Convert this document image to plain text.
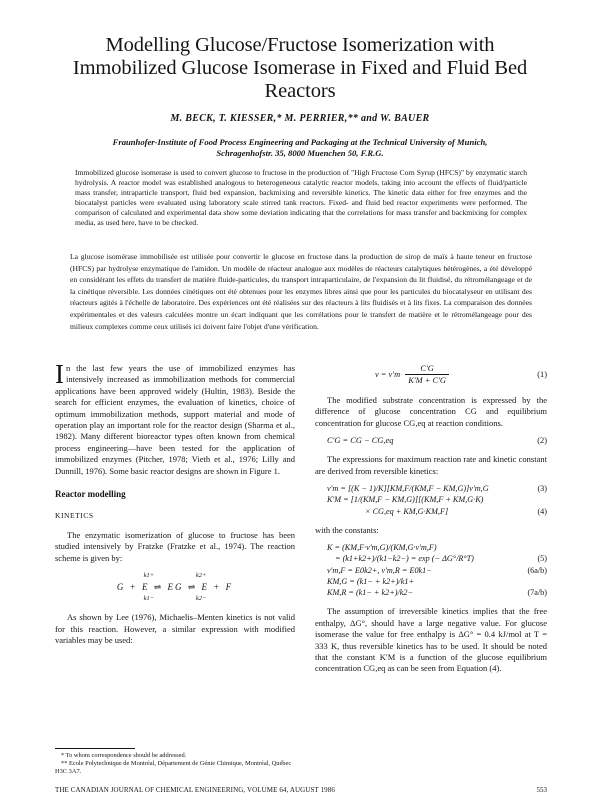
Modelling Glucose/Fructose Isomerization with Immobilized Glucose Isomerase in Fixed and Fluid Bed Reactors
M. BECK, T. KIESSER,* M. PERRIER,** and W. BAUER
Fraunhofer-Institute of Food Process Engineering and Packaging at the Technical University of Munich,
Schragenhofstr. 35, 8000 Muenchen 50, F.R.G.
Immobilized glucose isomerase is used to convert glucose to fructose in the production of "High Fructose Corn Syrup (HFCS)" by enzymatic starch hydrolysis. A reactor model was established analogous to heterogeneous catalytic reactor models, taking into account the effects of fluid/particle mass transfer, intraparticle transport, fluid bed expansion, backmixing and reversible kinetics. The kinetic data either for free enzymes and the biocatalyst particles were evaluated using laboratory scale stirred tank reactors. Fixed- and fluid bed reactor experiments were performed. The comparison of calculated and experimental data show some deviation indicating that the correlations for mass transfer and backmixing for complex media, as used here, have to be checked.
La glucose isomérase immobilisée est utilisée pour convertir le glucose en fructose dans la production de sirop de maïs à haute teneur en fructose (HFCS) par hydrolyse enzymatique de l'amidon. Un modèle de réacteur analogue aux modèles de réacteurs catalytiques hétérogènes, a été développé en considérant les effets du transfert de matière fluide-particules, du transport intraparticulaire, de l'expansion du lit fluidisé, du rétromélangeage et de la cinétique réversible. Les données cinétiques ont été obtenues pour les enzymes libres ainsi que pour les particules du biocatalyseur en utilisant des réacteurs agités à l'échelle de laboratoire. Des expériences ont été réalisées sur des réacteurs à lits fluidisés et à lits fixes. La comparaison des données expérimentales et des valeurs calculées montre un écart indiquant que les corrélations pour le transfert de matière et le rétromélangeage pour des milieux complexes comme ceux utilisés ici doivent faire l'objet d'une vérification.

In the last few years the use of immobilized enzymes has intensively increased as immobilization methods for commercial applications have been approved widely (Hultin, 1983). Beside the search for efficient enzymes, the evaluation of kinetics, choice of optimum immobilization methods, support material and mode of operation play an important role for the reactor design (Sharma et al., 1982). Many different bioreactor types often known from chemical process engineering—have been tested for the application of immobilized enzymes (Pitcher, 1978; Vieth et al., 1976; Lilly and Dunnill, 1976). Some basic reactor designs are shown in Figure 1.

Reactor modelling

KINETICS

The enzymatic isomerization of glucose to fructose has been studied intensively by Fratzke (Fratzke et al., 1974). The reaction scheme is given by:

k1+	k2+
G + E ⇌ EG ⇌ E + F
k1−	k2−

As shown by Lee (1976), Michaelis–Menten kinetics is not valid for this reaction. However, a similar expression with modified variables may be used:

$v = v'm \frac{C'G}{K'M + C'G}$	(1)

The modified substrate concentration is expressed by the difference of glucose concentration CG and equilibrium concentration for glucose CG,eq at reaction conditions.

C′G = CG − CG,eq	(2)

The expressions for maximum reaction rate and kinetic constant are derived from reversible kinetics:

v′m = [(K − 1)/K][KM,F/(KM,F − KM,G)]v′m,G	(3)
K′M = [1/(KM,F − KM,G)][(KM,F + KM,G·K)
× CG,eq + KM,G·KM,F]	(4)

with the constants:

K = (KM,F·v′m,G)/(KM,G·v′m,F)
= (k1+k2+)/(k1−k2−) = exp (− ΔG°/R°T)	(5)
v′m,F = E0k2+, v′m,R = E0k1−	(6a/b)
KM,G = (k1− + k2+)/k1+
KM,R = (k1− + k2+)/k2−	(7a/b)

The assumption of irreversible kinetics implies that the free enthalpy, ΔG°, should have a large negative value. For glucose isomerase the value for free enthalpy is ΔG° = 0.4 kJ/mol at T = 333 K, thus reversible kinetics has to be used. It should be noted that the constant K′M is a function of the glucose equilibrium concentration CG,eq as can be seen from Equation (4).

* To whom correspondence should be addressed.
** Ecole Polytechnique de Montréal, Département de Génie Chimique, Montréal, Québec H3C 3A7.
THE CANADIAN JOURNAL OF CHEMICAL ENGINEERING, VOLUME 64, AUGUST 1986	553
